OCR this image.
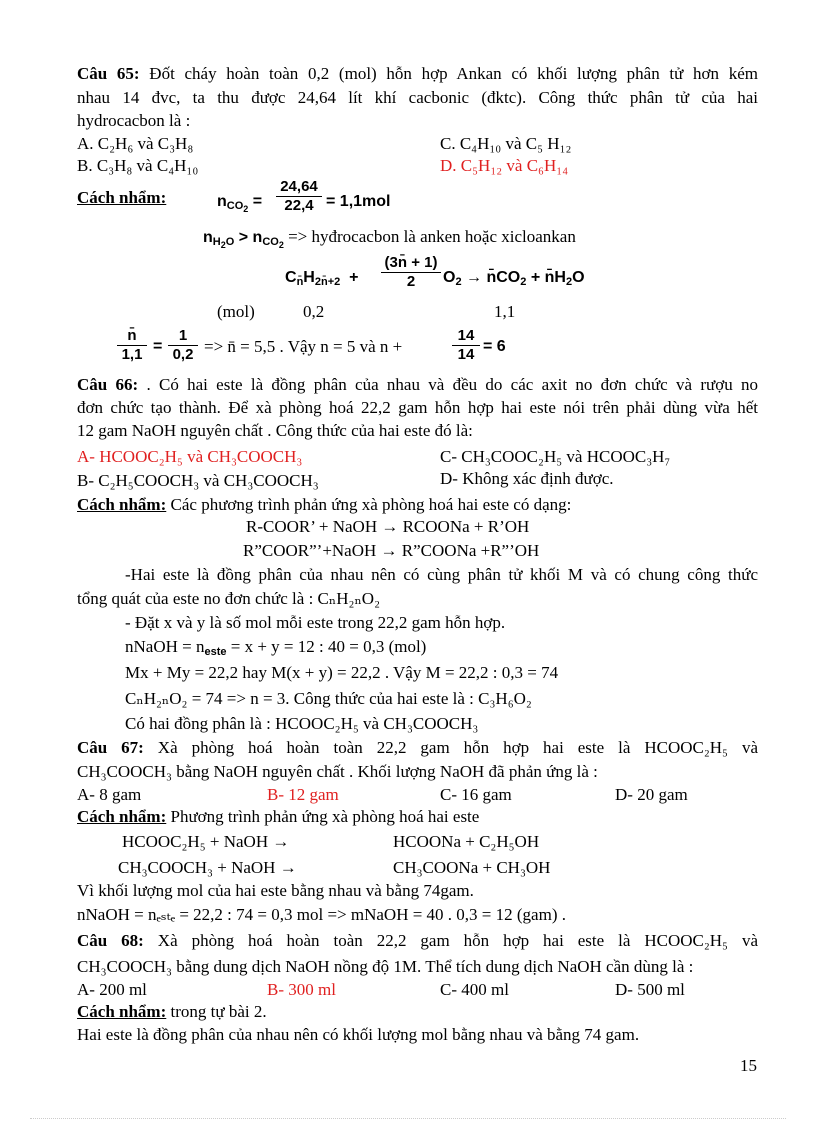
Câu 65: Đốt cháy hoàn toàn 0,2 (mol) hỗn hợp Ankan có khối lượng phân tử hơn kém
nhau 14 đvc, ta thu được 24,64 lít khí cacbonic (đktc). Công thức phân tử của hai
hydrocacbon là :
A. C₂H₆ và C₃H₈	C. C₄H₁₀ và C₅ H₁₂
B. C₃H₈ và C₄H₁₀	D. C₅H₁₂ và C₆H₁₄
Cách nhẩm:	$n_{CO_2} = \frac{24,64}{22,4} = 1,1mol$
$n_{H_2O} > n_{CO_2}$ => hyđrocacbon là anken hoặc xicloankan
$C_{n̄}H_{2n̄+2} + \frac{(3n̄ + 1)}{2} O_2$ → $n̄CO_2$ + $n̄H_2O$
(mol)	0,2	1,1
$\frac{n̄}{1,1} = \frac{1}{0,2}$ => n̄ = 5,5 . Vậy n = 5 và n +	$\frac{14}{14} = 6$
Câu 66: . Có hai este là đồng phân của nhau và đều do các axit no đơn chức và rượu no
đơn chức tạo thành. Để xà phòng hoá 22,2 gam hỗn hợp hai este nói trên phải dùng vừa hết
12 gam NaOH nguyên chất . Công thức của hai este đó là:
A- HCOOC₂H₅ và CH₃COOCH₃	C- CH₃COOC₂H₅ và HCOOC₃H₇
B- C₂H₅COOCH₃ và CH₃COOCH₃	D- Không xác định được.
Cách nhẩm: Các phương trình phản ứng xà phòng hoá hai este có dạng:
R-COOR’ + NaOH → RCOONa + R’OH
R”COOR”’+NaOH → R”COONa +R”’OH
-Hai este là đồng phân của nhau nên có cùng phân tử khối M và có chung công thức
tổng quát của este no đơn chức là : CₙH₂ₙO₂
- Đặt x và y là số mol mỗi este trong 22,2 gam hỗn hợp.
nNaOH = $n_{este} = x + y = 12$ : 40 = 0,3 (mol)
Mx + My = 22,2 hay M(x + y) = 22,2 . Vậy M = 22,2 : 0,3 = 74
CₙH₂ₙO₂ = 74 => n = 3. Công thức của hai este là : C₃H₆O₂
Có hai đồng phân là : HCOOC₂H₅ và CH₃COOCH₃
Câu 67: Xà phòng hoá hoàn toàn 22,2 gam hỗn hợp hai este là HCOOC₂H₅ và
CH₃COOCH₃ bằng NaOH nguyên chất . Khối lượng NaOH đã phản ứng là :
A- 8 gam	B- 12 gam	C- 16 gam	D- 20 gam
Cách nhẩm: Phương trình phản ứng xà phòng hoá hai este
HCOOC₂H₅ + NaOH →	HCOONa + C₂H₅OH
CH₃COOCH₃ + NaOH →	CH₃COONa + CH₃OH
Vì khối lượng mol của hai este bằng nhau và bằng 74gam.
nNaOH = nₑₛₜₑ = 22,2 : 74 = 0,3 mol => mNaOH = 40 . 0,3 = 12 (gam) .
Câu 68: Xà phòng hoá hoàn toàn 22,2 gam hỗn hợp hai este là HCOOC₂H₅ và
CH₃COOCH₃ bằng dung dịch NaOH nồng độ 1M. Thể tích dung dịch NaOH cần dùng là :
A- 200 ml	B- 300 ml	C- 400 ml	D- 500 ml
Cách nhẩm: trong tự bài 2.
Hai este là đồng phân của nhau nên có khối lượng mol bằng nhau và bằng 74 gam.
15
